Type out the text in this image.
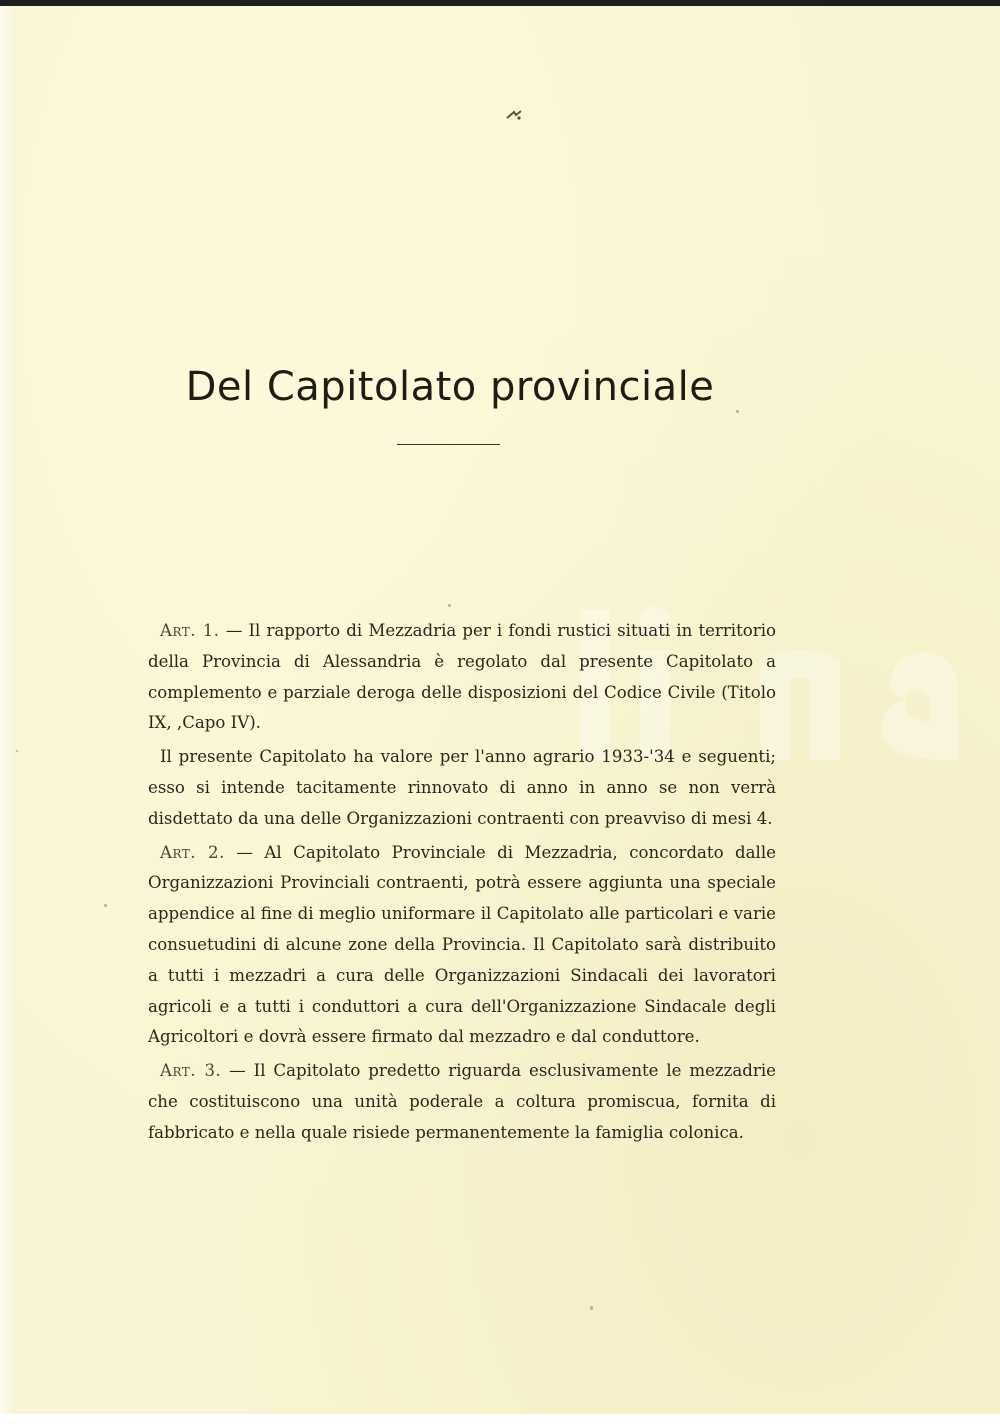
Del Capitolato provinciale

Art. 1. — Il rapporto di Mezzadria per i fondi rustici situati in territorio della Provincia di Alessandria è regolato dal presente Capitolato a complemento e parziale deroga delle disposizioni del Codice Civile (Titolo IX, ,Capo IV).

Il presente Capitolato ha valore per l'anno agrario 1933-'34 e seguenti; esso si intende tacitamente rinnovato di anno in anno se non verrà disdettato da una delle Organizzazioni contraenti con preavviso di mesi 4.

Art. 2. — Al Capitolato Provinciale di Mezzadria, concordato dalle Organizzazioni Provinciali contraenti, potrà essere aggiunta una speciale appendice al fine di meglio uniformare il Capitolato alle particolari e varie consuetudini di alcune zone della Provincia. Il Capitolato sarà distribuito a tutti i mezzadri a cura delle Organizzazioni Sindacali dei lavoratori agricoli e a tutti i conduttori a cura dell'Organizzazione Sindacale degli Agricoltori e dovrà essere firmato dal mezzadro e dal conduttore.

Art. 3. — Il Capitolato predetto riguarda esclusivamente le mezzadrie che costituiscono una unità poderale a coltura promiscua, fornita di fabbricato e nella quale risiede permanentemente la famiglia colonica.
